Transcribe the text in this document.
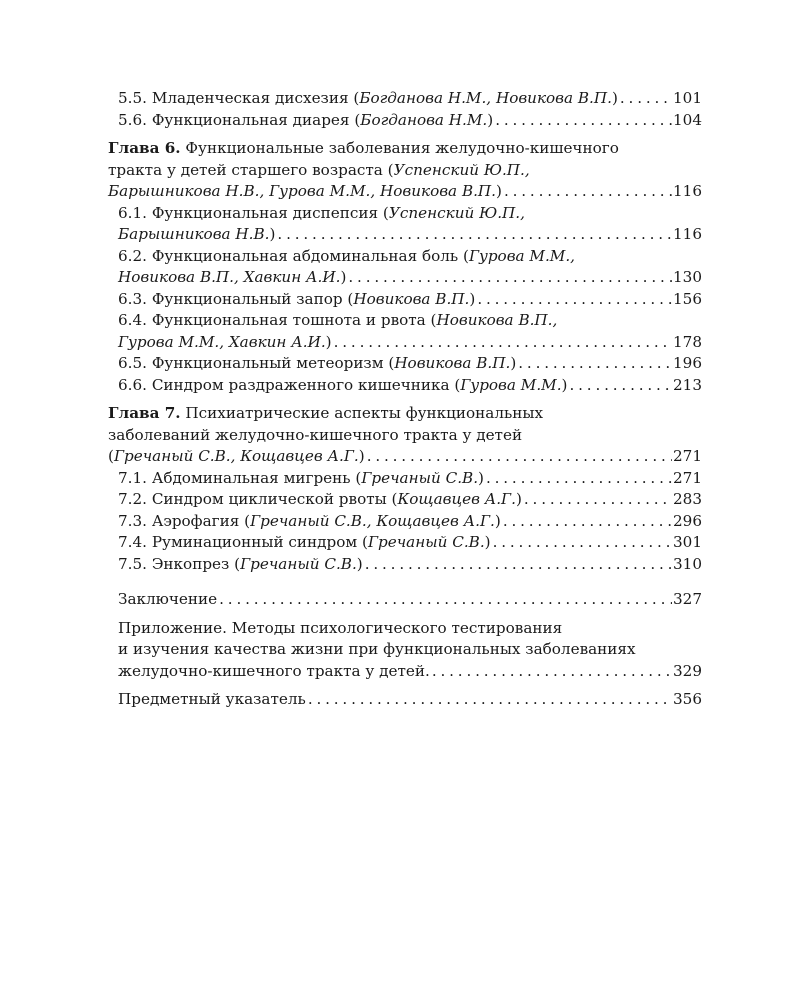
5.5. Младенческая дисхезия (Богданова Н.М., Новикова В.П.) . . .	101
5.6. Функциональная диарея (Богданова Н.М.) . . .	104
Глава 6. Функциональные заболевания желудочно-кишечного
тракта у детей старшего возраста (Успенский Ю.П.,
Барышникова Н.В., Гурова М.М., Новикова В.П.) . . .	116
6.1. Функциональная диспепсия (Успенский Ю.П.,
Барышникова Н.В.) . . .	116
6.2. Функциональная абдоминальная боль (Гурова М.М.,
Новикова В.П., Хавкин А.И.) . . .	130
6.3. Функциональный запор (Новикова В.П.) . . .	156
6.4. Функциональная тошнота и рвота (Новикова В.П.,
Гурова М.М., Хавкин А.И.) . . .	178
6.5. Функциональный метеоризм (Новикова В.П.) . . .	196
6.6. Синдром раздраженного кишечника (Гурова М.М.) . . .	213
Глава 7. Психиатрические аспекты функциональных
заболеваний желудочно-кишечного тракта у детей
(Гречаный С.В., Кощавцев А.Г.) . . .	271
7.1. Абдоминальная мигрень (Гречаный С.В.) . . .	271
7.2. Синдром циклической рвоты (Кощавцев А.Г.) . . .	283
7.3. Аэрофагия (Гречаный С.В., Кощавцев А.Г.) . . .	296
7.4. Руминационный синдром (Гречаный С.В.) . . .	301
7.5. Энкопрез (Гречаный С.В.) . . .	310
Заключение . . .	327
Приложение. Методы психологического тестирования
и изучения качества жизни при функциональных заболеваниях
желудочно-кишечного тракта у детей. . . .	329
Предметный указатель . . .	356
